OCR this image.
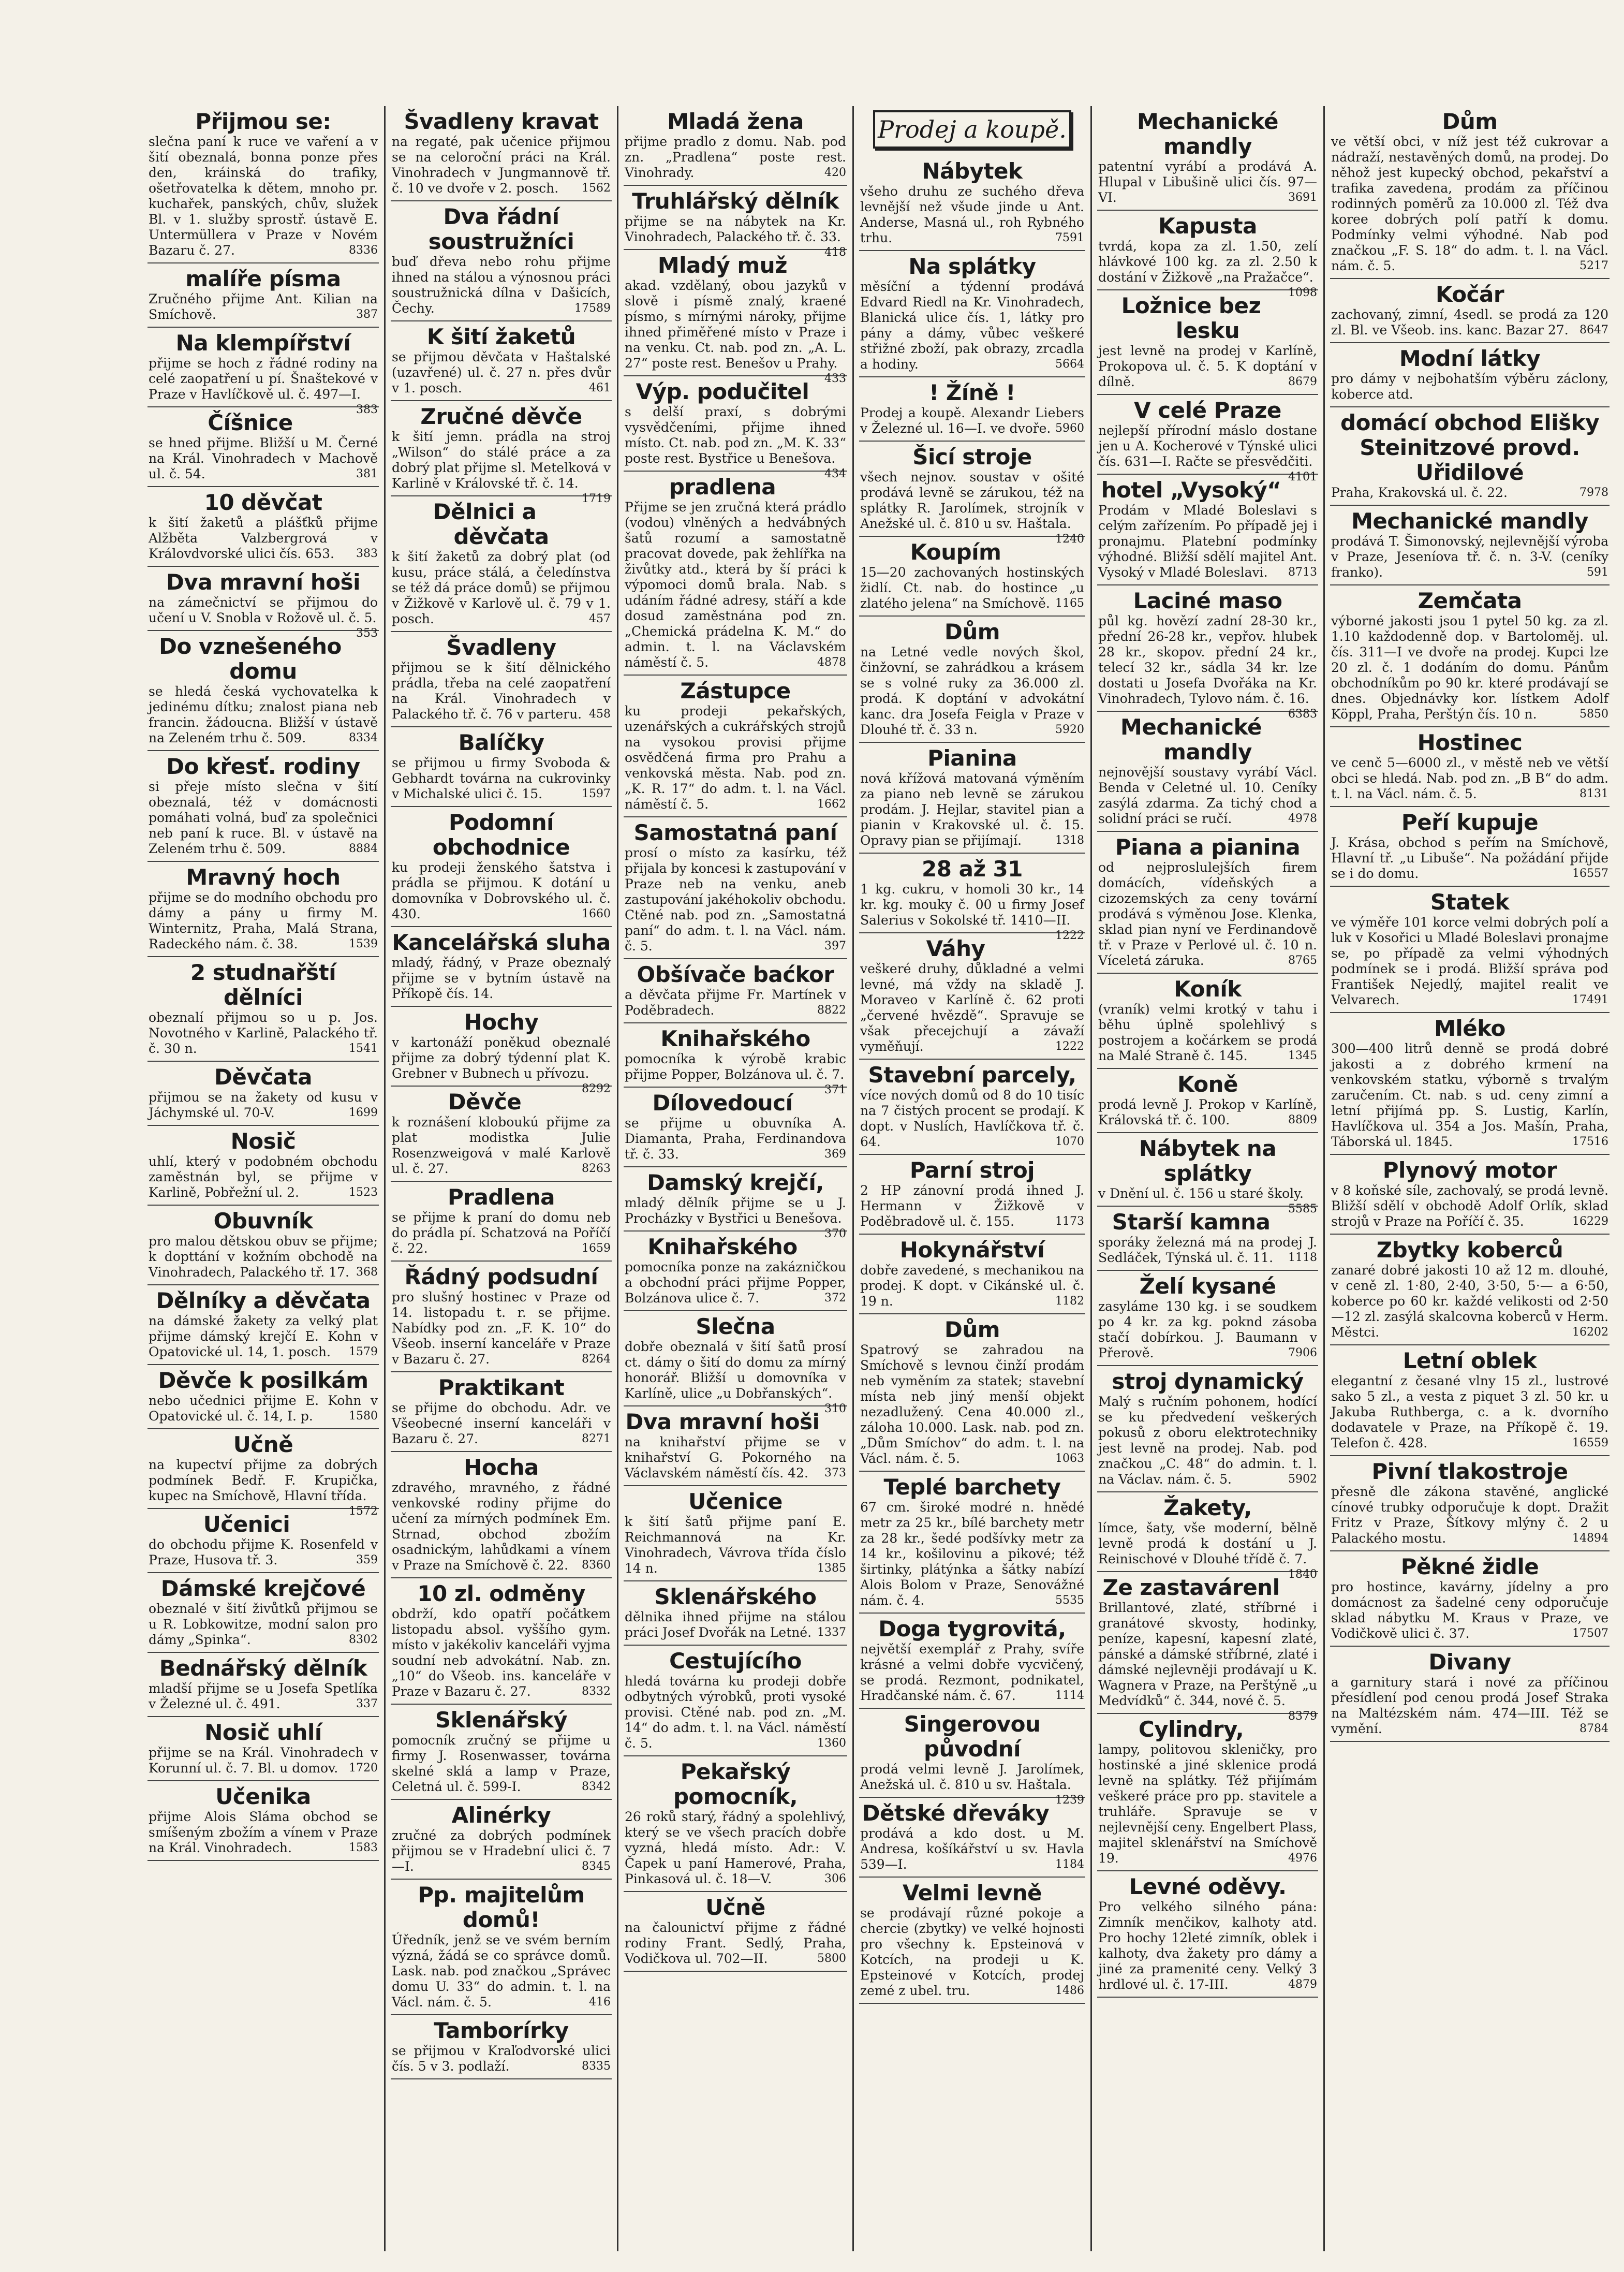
Přijmou se:
slečna paní k ruce ve vaření a v šití obeznalá, bonna ponze přes den, kráinská do trafiky, ošetřovatelka k dětem, mnoho pr. kuchařek, panských, chův, služek Bl. v 1. služby sprostř. ústavě E. Untermüllera v Praze v Novém Bazaru č. 27.	8336
malíře písma
Zručného přijme Ant. Kilian na Smíchově.	387
Na klempířství
přijme se hoch z řádné rodiny na celé zaopatření u pí. Šnaštekové v Praze v Havlíčkově ul. č. 497—I.
383
Číšnice
se hned přijme. Bližší u M. Černé na Král. Vinohradech v Machově ul. č. 54.	381
10 děvčat
k šití žaketů a plášťků přijme Alžběta Valzbergrová v Královdvorské ulici čís. 653. 383
Dva mravní hoši
na zámečnictví se přijmou do učení u V. Snobla v Rožově ul. č. 5.
353
Do vznešeného domu
se hledá česká vychovatelka k jedinému dítku; znalost piana neb francin. žádoucna. Bližší v ústavě na Zeleném trhu č. 509.	8334
Do křesť. rodiny
si přeje místo slečna v šití obeznalá, též v domácnosti pomáhati volná, buď za společnici neb paní k ruce. Bl. v ústavě na Zeleném trhu č. 509.	8884
Mravný hoch
přijme se do modního obchodu pro dámy a pány u firmy M. Winternitz, Praha, Malá Strana, Radeckého nám. č. 38.	1539
2 studnařští dělníci
obeznalí přijmou so u p. Jos. Novotného v Karlině, Palackého tř. č. 30 n.	1541
Děvčata
přijmou se na žakety od kusu v Jáchymské ul. 70-V.	1699
Nosič
uhlí, který v podobném obchodu zaměstnán byl, se přijme v Karlině, Pobřežní ul. 2.	1523
Obuvník
pro malou dětskou obuv se přijme; k dopttání v kožním obchodě na Vinohradech, Palackého tř. 17. 368
Dělníky a děvčata
na dámské žakety za velký plat přijme dámský krejčí E. Kohn v Opatovické ul. 14, 1. posch. 1579
Děvče k posilkám
nebo učednici přijme E. Kohn v Opatovické ul. č. 14, I. p.	1580
Učně
na kupectví přijme za dobrých podmínek Bedř. F. Krupička, kupec na Smíchově, Hlavní třída.
1572
Učenici
do obchodu přijme K. Rosenfeld v Praze, Husova tř. 3.	359
Dámské krejčové
obeznalé v šití živůtků přijmou se u R. Lobkowitze, modní salon pro dámy „Spinka“.	8302
Bednářský dělník
mladší přijme se u Josefa Spetlíka v Železné ul. č. 491.	337
Nosič uhlí
přijme se na Král. Vinohradech v Korunní ul. č. 7. Bl. u domov. 1720
Učenika
přijme Alois Sláma obchod se smíšeným zbožím a vínem v Praze na Král. Vinohradech.	1583
Švadleny kravat
na regaté, pak učenice přijmou se na celoroční práci na Král. Vinohradech v Jungmannově tř. č. 10 ve dvoře v 2. posch. 1562
Dva řádní soustružníci
buď dřeva nebo rohu přijme ihned na stálou a výnosnou práci soustružnická dílna v Dašicích, Čechy.	17589
K šití žaketů
se přijmou děvčata v Haštalské (uzavřené) ul. č. 27 n. přes dvůr v 1. posch.	461
Zručné děvče
k šití jemn. prádla na stroj „Wilson“ do stálé práce a za dobrý plat přijme sl. Metelková v Karlině v Královské tř. č. 14.
1719
Dělnici a děvčata
k šití žaketů za dobrý plat (od kusu, práce stálá, a čeledínstva se též dá práce domů) se přijmou v Žižkově v Karlově ul. č. 79 v 1. posch.	457
Švadleny
přijmou se k šití dělnického prádla, třeba na celé zaopatření na Král. Vinohradech v Palackého tř. č. 76 v parteru. 458
Balíčky
se přijmou u firmy Svoboda & Gebhardt továrna na cukrovinky v Michalské ulici č. 15.	1597
Podomní obchodnice
ku prodeji ženského šatstva i prádla se přijmou. K dotání u domovníka v Dobrovského ul. č. 430.	1660
Kancelářská sluha
mladý, řádný, v Praze obeznalý přijme se v bytním ústavě na Příkopě čís. 14.
Hochy
v kartonáží poněkud obeznalé přijme za dobrý týdenní plat K. Grebner v Bubnech u přívozu.
8292
Děvče
k roznášení kloboukú přijme za plat modistka Julie Rosenzweigová v malé Karlově ul. č. 27.	8263
Pradlena
se přijme k praní do domu neb do prádla pí. Schatzová na Poříčí č. 22.	1659
Řádný podsudní
pro slušný hostinec v Praze od 14. listopadu t. r. se přijme. Nabídky pod zn. „F. K. 10“ do Všeob. inserní kanceláře v Praze v Bazaru č. 27.	8264
Praktikant
se přijme do obchodu. Adr. ve Všeobecné inserní kanceláři v Bazaru č. 27.	8271
Hocha
zdravého, mravného, z řádné venkovské rodiny přijme do učení za mírných podmínek Em. Strnad, obchod zbožím osadnickým, lahůdkami a vínem v Praze na Smíchově č. 22. 8360
10 zl. odměny
obdrží, kdo opatří počátkem listopadu absol. vyššího gym. místo v jakékoliv kanceláři vyjma soudní neb advokátní. Nab. zn. „10“ do Všeob. ins. kanceláře v Praze v Bazaru č. 27.	8332
Sklenářský
pomocník zručný se přijme u firmy J. Rosenwasser, továrna skelné sklá a lamp v Praze, Celetná ul. č. 599-I.	8342
Alinérky
zručné za dobrých podmínek přijmou se v Hradební ulici č. 7—I.	8345
Pp. majitelům domů!
Úředník, jenž se ve svém berním význá, žádá se co správce domů. Lask. nab. pod značkou „Správec domu U. 33“ do admin. t. l. na Václ. nám. č. 5.	416
Tamborírky
se přijmou v Kraľodvorské ulici čís. 5 v 3. podlaží.	8335
Mladá žena
přijme pradlo z domu. Nab. pod zn. „Pradlena“ poste rest. Vinohrady.	420
Truhlářský dělník
přijme se na nábytek na Kr. Vinohradech, Palackého tř. č. 33.
418
Mladý muž
akad. vzdělaný, obou jazyků v slově i písmě znalý, kraené písmo, s mírnými nároky, přijme ihned přiměřené místo v Praze i na venku. Ct. nab. pod zn. „A. L. 27“ poste rest. Benešov u Prahy.
433
Výp. podučitel
s delší praxí, s dobrými vysvědčeními, přijme ihned místo. Ct. nab. pod zn. „M. K. 33“ poste rest. Bystřice u Benešova.
434
pradlena
Přijme se jen zručná která prádlo (vodou) vlněných a hedvábných šatů rozumí a samostatně pracovat dovede, pak žehlířka na živůtky atd., která by ší práci k výpomoci domů brala. Nab. s udáním řádné adresy, stáří a kde dosud zaměstnána pod zn. „Chemická prádelna K. M.“ do admin. t. l. na Václavském náměstí č. 5.	4878
Zástupce
ku prodeji pekařských, uzenářských a cukrářských strojů na vysokou provisi přijme osvědčená firma pro Prahu a venkovská města. Nab. pod zn. „K. R. 17“ do adm. t. l. na Václ. náměstí č. 5.	1662
Samostatná paní
prosí o místo za kasírku, též přijala by koncesi k zastupování v Praze neb na venku, aneb zastupování jakéhokoliv obchodu. Ctěné nab. pod zn. „Samostatná paní“ do adm. t. l. na Václ. nám. č. 5.	397
Obšívače baćkor
a děvčata přijme Fr. Martínek v Poděbradech.	8822
Knihařského
pomocníka k výrobě krabic přijme Popper, Bolzánova ul. č. 7.
371
Dílovedoucí
se přijme u obuvníka A. Diamanta, Praha, Ferdinandova tř. č. 33.	369
Damský krejčí,
mladý dělník přijme se u J. Procházky v Bystřici u Benešova.
370
Knihařského
pomocníka ponze na zakázničkou a obchodní práci přijme Popper, Bolzánova ulice č. 7.	372
Slečna
dobře obeznalá v šití šatů prosí ct. dámy o šití do domu za mírný honorář. Bližší u domovníka v Karlíně, ulice „u Dobřanských“.
310
Dva mravní hoši
na knihařství přijme se v knihařství G. Pokorného na Václavském náměstí čís. 42. 373
Učenice
k šití šatů přijme paní E. Reichmannová na Kr. Vinohradech, Vávrova třída číslo 14 n.	1385
Sklenářského
dělnika ihned přijme na stálou práci Josef Dvořák na Letné. 1337
Cestujícího
hledá továrna ku prodeji dobře odbytných výrobků, proti vysoké provisi. Ctěné nab. pod zn. „M. 14“ do adm. t. l. na Václ. náměstí č. 5.	1360
Pekařský pomocník,
26 roků starý, řádný a spolehlivý, který se ve všech pracích dobře vyzná, hledá místo. Adr.: V. Čapek u paní Hamerové, Praha, Pinkasová ul. č. 18—V.	306
Učně
na čalounictví přijme z řádné rodiny Frant. Sedlý, Praha, Vodičkova ul. 702—II.	5800
Prodej a koupě.
Nábytek
všeho druhu ze suchého dřeva levnější než všude jinde u Ant. Anderse, Masná ul., roh Rybného trhu.	7591
Na splátky
měsíční a týdenní prodává Edvard Riedl na Kr. Vinohradech, Blanická ulice čís. 1, látky pro pány a dámy, vůbec veškeré střižné zboží, pak obrazy, zrcadla a hodiny.	5664
! Žíně !
Prodej a koupě. Alexandr Liebers v Železné ul. 16—I. ve dvoře. 5960
Šicí stroje
všech nejnov. soustav v ošité prodává levně se zárukou, též na splátky R. Jarolímek, strojník v Anežské ul. č. 810 u sv. Haštala.
1240
Koupím
15—20 zachovaných hostinských židlí. Ct. nab. do hostince „u zlatého jelena“ na Smíchově. 1165
Dům
na Letné vedle nových škol, činžovní, se zahrádkou a krásem se s volné ruky za 36.000 zl. prodá. K doptání v advokátní kanc. dra Josefa Feigla v Praze v Dlouhé tř. č. 33 n.	5920
Pianina
nová křížová matovaná výměním za piano neb levně se zárukou prodám. J. Hejlar, stavitel pian a pianin v Krakovské ul. č. 15. Opravy pian se přijímají.	1318
28 až 31
1 kg. cukru, v homoli 30 kr., 14 kr. kg. mouky č. 00 u firmy Josef Salerius v Sokolské tř. 1410—II.
1222
Váhy
veškeré druhy, důkladné a velmi levné, má vždy na skladě J. Moraveo v Karlíně č. 62 proti „červené hvězdě“. Spravuje se však přecejchují a závaží vyměňují.	1222
Stavební parcely,
více nových domů od 8 do 10 tisíc na 7 čistých procent se prodají. K dopt. v Nuslích, Havlíčkova tř. č. 64.	1070
Parní stroj
2 HP zánovní prodá ihned J. Hermann v Žižkově v Poděbradově ul. č. 155.	1173
Hokynářství
dobře zavedené, s mechanikou na prodej. K dopt. v Cikánské ul. č. 19 n.	1182
Dům
Spatrový se zahradou na Smíchově s levnou činží prodám neb vyměním za statek; stavební místa neb jiný menší objekt nezadlužený. Cena 40.000 zl., záloha 10.000. Lask. nab. pod zn. „Dům Smíchov“ do adm. t. l. na Václ. nám. č. 5.	1063
Teplé barchety
67 cm. široké modré n. hnědé metr za 25 kr., bílé barchety metr za 28 kr., šedé podšívky metr za 14 kr., košilovinu a pikové; též širtinky, plátýnka a šátky nabízí Alois Bolom v Praze, Senovážné nám. č. 4.	5535
Doga tygrovitá,
největší exemplář z Prahy, svíře krásné a velmi dobře vycvičený, se prodá. Rezmont, podnikatel, Hradčanské nám. č. 67.	1114
Singerovou původní
prodá velmi levně J. Jarolímek, Anežská ul. č. 810 u sv. Haštala.
1239
Dětské dřeváky
prodává a kdo dost. u M. Andresa, košíkářství u sv. Havla 539—I.	1184
Velmi levně
se prodávají různé pokoje a chercie (zbytky) ve velké hojnosti pro všechny k. Epsteinová v Kotcích, na prodeji u K. Epsteinové v Kotcích, prodej zemé z ubel. tru.	1486
Mechanické mandly
patentní vyrábí a prodává A. Hlupal v Libušině ulici čís. 97—VI.	3691
Kapusta
tvrdá, kopa za zl. 1.50, zelí hlávkové 100 kg. za zl. 2.50 k dostání v Žižkově „na Pražačce“.
1098
Ložnice bez lesku
jest levně na prodej v Karlíně, Prokopova ul. č. 5. K doptání v dílně.	8679
V celé Praze
nejlepší přírodní máslo dostane jen u A. Kocherové v Týnské ulici čís. 631—I. Račte se přesvědčiti.
4101
hotel „Vysoký“
Prodám v Mladé Boleslavi s celým zařízením. Po případě jej i pronajmu. Platební podmínky výhodné. Bližší sdělí majitel Ant. Vysoký v Mladé Boleslavi. 8713
Laciné maso
půl kg. hovězí zadní 28-30 kr., přední 26-28 kr., vepřov. hlubek 28 kr., skopov. přední 24 kr., telecí 32 kr., sádla 34 kr. lze dostati u Josefa Dvořáka na Kr. Vinohradech, Tylovo nám. č. 16.
6383
Mechanické mandly
nejnovější soustavy vyrábí Václ. Benda v Celetné ul. 10. Ceníky zasýlá zdarma. Za tichý chod a solidní práci se ručí.	4978
Piana a pianina
od nejproslulejších firem domácích, vídeňských a cizozemských za ceny tovární prodává s výměnou Jose. Klenka, sklad pian nyní ve Ferdinandově tř. v Praze v Perlové ul. č. 10 n. Víceletá záruka.	8765
Koník
(vraník) velmi krotký v tahu i běhu úplně spolehlivý s postrojem a kočárkem se prodá na Malé Straně č. 145.	1345
Koně
prodá levně J. Prokop v Karlíně, Královská tř. č. 100.	8809
Nábytek na splátky
v Dnění ul. č. 156 u staré školy.
5585
Starší kamna
sporáky železná má na prodej J. Sedláček, Týnská ul. č. 11. 1118
Želí kysané
zasyláme 130 kg. i se soudkem po 4 kr. za kg. poknd zásoba stačí dobírkou. J. Baumann v Přerově.	7906
stroj dynamický
Malý s ručním pohonem, hodící se ku předvedení veškerých pokusů z oboru elektrotechniky jest levně na prodej. Nab. pod značkou „C. 48“ do admin. t. l. na Václav. nám. č. 5.	5902
Žakety,
límce, šaty, vše moderní, bělně levně prodá k dostání u J. Reinischové v Dlouhé třídě č. 7.
1840
Ze zastavárenl
Brillantové, zlaté, stříbrné i granátové skvosty, hodinky, peníze, kapesní, kapesní zlaté, pánské a dámské stříbrné, zlaté i dámské nejlevněji prodávají u K. Wagnera v Praze, na Perštýně „u Medvídků“ č. 344, nové č. 5.
8379
Cylindry,
lampy, politovou skleničky, pro hostinské a jiné sklenice prodá levně na splátky. Též přijímám veškeré práce pro pp. stavitele a truhláře. Spravuje se v nejlevnější ceny. Engelbert Plass, majitel sklenářství na Smíchově 19.	4976
Levné oděvy.
Pro velkého silného pána: Zimník menčikov, kalhoty atd. Pro hochy 12leté zimník, oblek i kalhoty, dva žakety pro dámy a jiné za pramenité ceny. Velký 3 hrdlové ul. č. 17-III.	4879
Dům
ve větší obci, v níž jest též cukrovar a nádraží, nestavěných domů, na prodej. Do něhož jest kupecký obchod, pekařství a trafika zavedena, prodám za příčinou rodinných poměrů za 10.000 zl. Též dva koree dobrých polí patří k domu. Podmínky velmi výhodné. Nab pod značkou „F. S. 18“ do adm. t. l. na Václ. nám. č. 5.	5217
Kočár
zachovaný, zimní, 4sedl. se prodá za 120 zl. Bl. ve Všeob. ins. kanc. Bazar 27. 8647
Modní látky
pro dámy v nejbohatším výběru záclony, koberce atd.
domácí obchod Elišky Steinitzové provd. Uřidilové
Praha, Krakovská ul. č. 22.	7978
Mechanické mandly
prodává T. Šimonovský, nejlevnější výroba v Praze, Jeseníova tř. č. n. 3-V. (ceníky franko).	591
Zemčata
výborné jakosti jsou 1 pytel 50 kg. za zl. 1.10 každodenně dop. v Bartoloměj. ul. čís. 311—I ve dvoře na prodej. Kupci lze 20 zl. č. 1 dodáním do domu. Pánům obchodníkům po 90 kr. které prodávají se dnes. Objednávky kor. lístkem Adolf Köppl, Praha, Perštýn čís. 10 n.	5850
Hostinec
ve cenč 5—6000 zl., v městě neb ve větší obci se hledá. Nab. pod zn. „B B“ do adm. t. l. na Václ. nám. č. 5.	8131
Peří kupuje
J. Krása, obchod s peřím na Smíchově, Hlavní tř. „u Libuše“. Na požádání přijde se i do domu.	16557
Statek
ve výměře 101 korce velmi dobrých polí a luk v Kosořici u Mladé Boleslavi pronajme se, po případě za velmi výhodných podmínek se i prodá. Bližší správa pod František Nejedlý, majitel realit ve Velvarech.	17491
Mléko
300—400 litrů denně se prodá dobré jakosti a z dobrého krmení na venkovském statku, výborně s trvalým zaručením. Ct. nab. s ud. ceny zimní a letní přijímá pp. S. Lustig, Karlín, Havlíčkova ul. 354 a Jos. Mašín, Praha, Táborská ul. 1845.	17516
Plynový motor
v 8 koňské síle, zachovalý, se prodá levně. Bližší sdělí v obchodě Adolf Orlík, sklad strojů v Praze na Poříčí č. 35.	16229
Zbytky koberců
zanaré dobré jakosti 10 až 12 m. dlouhé, v ceně zl. 1·80, 2·40, 3·50, 5·— a 6·50, koberce po 60 kr. každé velikosti od 2·50—12 zl. zasýlá skalcovna koberců v Herm. Městci.	16202
Letní oblek
elegantní z česané vlny 15 zl., lustrové sako 5 zl., a vesta z piquet 3 zl. 50 kr. u Jakuba Ruthberga, c. a k. dvorního dodavatele v Praze, na Příkopě č. 19. Telefon č. 428.	16559
Pivní tlakostroje
přesně dle zákona stavěné, anglické cínové trubky odporučuje k dopt. Dražit Fritz v Praze, Šítkovy mlýny č. 2 u Palackého mostu.	14894
Pěkné židle
pro hostince, kavárny, jídelny a pro domácnost za šadelné ceny odporučuje sklad nábytku M. Kraus v Praze, ve Vodičkově ulici č. 37.	17507
Divany
a garnitury stará i nové za příčinou přesídlení pod cenou prodá Josef Straka na Maltézském nám. 474—III. Též se vymění.	8784
